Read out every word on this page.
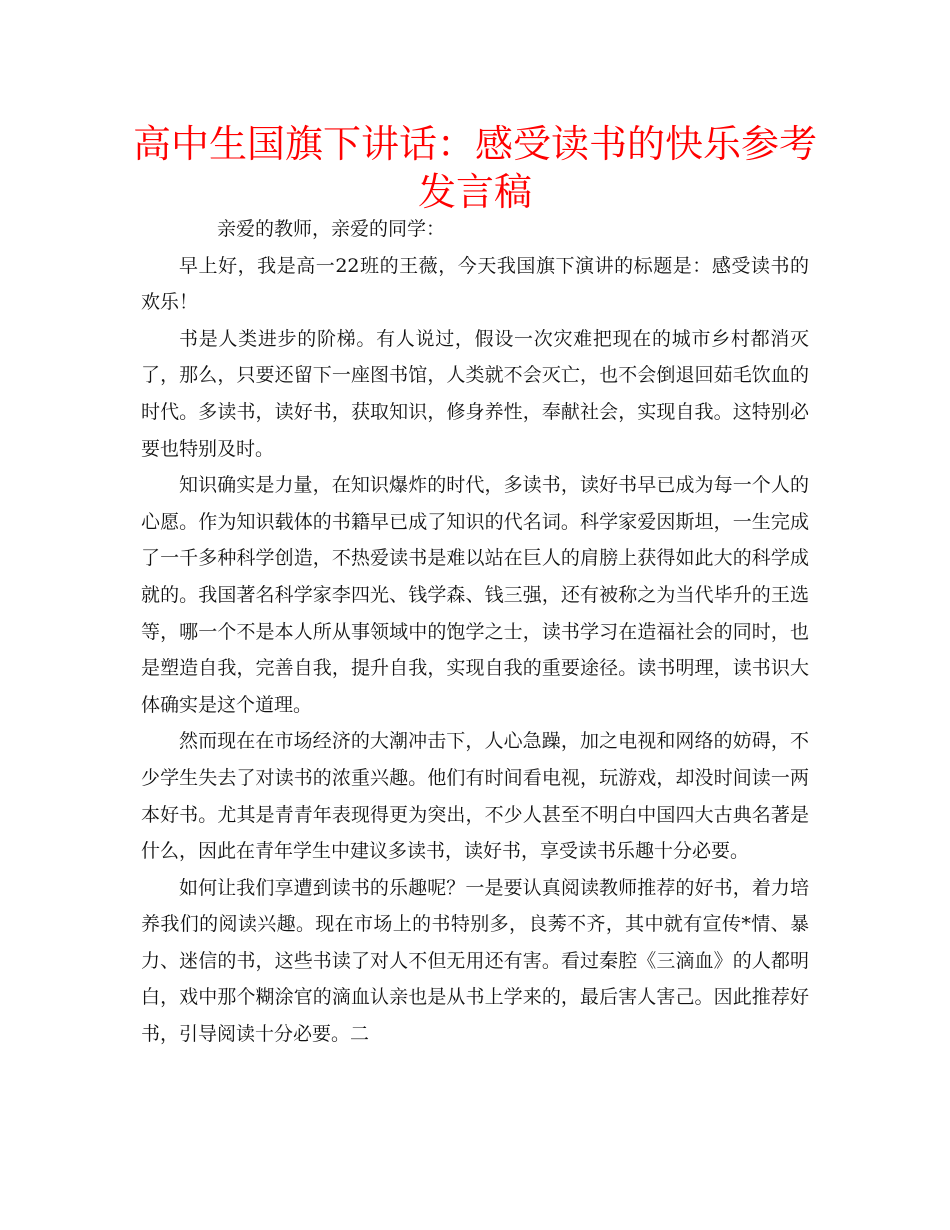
高中生国旗下讲话：感受读书的快乐参考发言稿

亲爱的教师，亲爱的同学：

早上好，我是高一22班的王薇，今天我国旗下演讲的标题是：感受读书的欢乐！

书是人类进步的阶梯。有人说过，假设一次灾难把现在的城市乡村都消灭了，那么，只要还留下一座图书馆，人类就不会灭亡，也不会倒退回茹毛饮血的时代。多读书，读好书，获取知识，修身养性，奉献社会，实现自我。这特别必要也特别及时。

知识确实是力量，在知识爆炸的时代，多读书，读好书早已成为每一个人的心愿。作为知识载体的书籍早已成了知识的代名词。科学家爱因斯坦，一生完成了一千多种科学创造，不热爱读书是难以站在巨人的肩膀上获得如此大的科学成就的。我国著名科学家李四光、钱学森、钱三强，还有被称之为当代毕升的王选等，哪一个不是本人所从事领域中的饱学之士，读书学习在造福社会的同时，也是塑造自我，完善自我，提升自我，实现自我的重要途径。读书明理，读书识大体确实是这个道理。

然而现在在市场经济的大潮冲击下，人心急躁，加之电视和网络的妨碍，不少学生失去了对读书的浓重兴趣。他们有时间看电视，玩游戏，却没时间读一两本好书。尤其是青青年表现得更为突出，不少人甚至不明白中国四大古典名著是什么，因此在青年学生中建议多读书，读好书，享受读书乐趣十分必要。

如何让我们享遭到读书的乐趣呢？一是要认真阅读教师推荐的好书，着力培养我们的阅读兴趣。现在市场上的书特别多，良莠不齐，其中就有宣传*情、暴力、迷信的书，这些书读了对人不但无用还有害。看过秦腔《三滴血》的人都明白，戏中那个糊涂官的滴血认亲也是从书上学来的，最后害人害己。因此推荐好书，引导阅读十分必要。二
